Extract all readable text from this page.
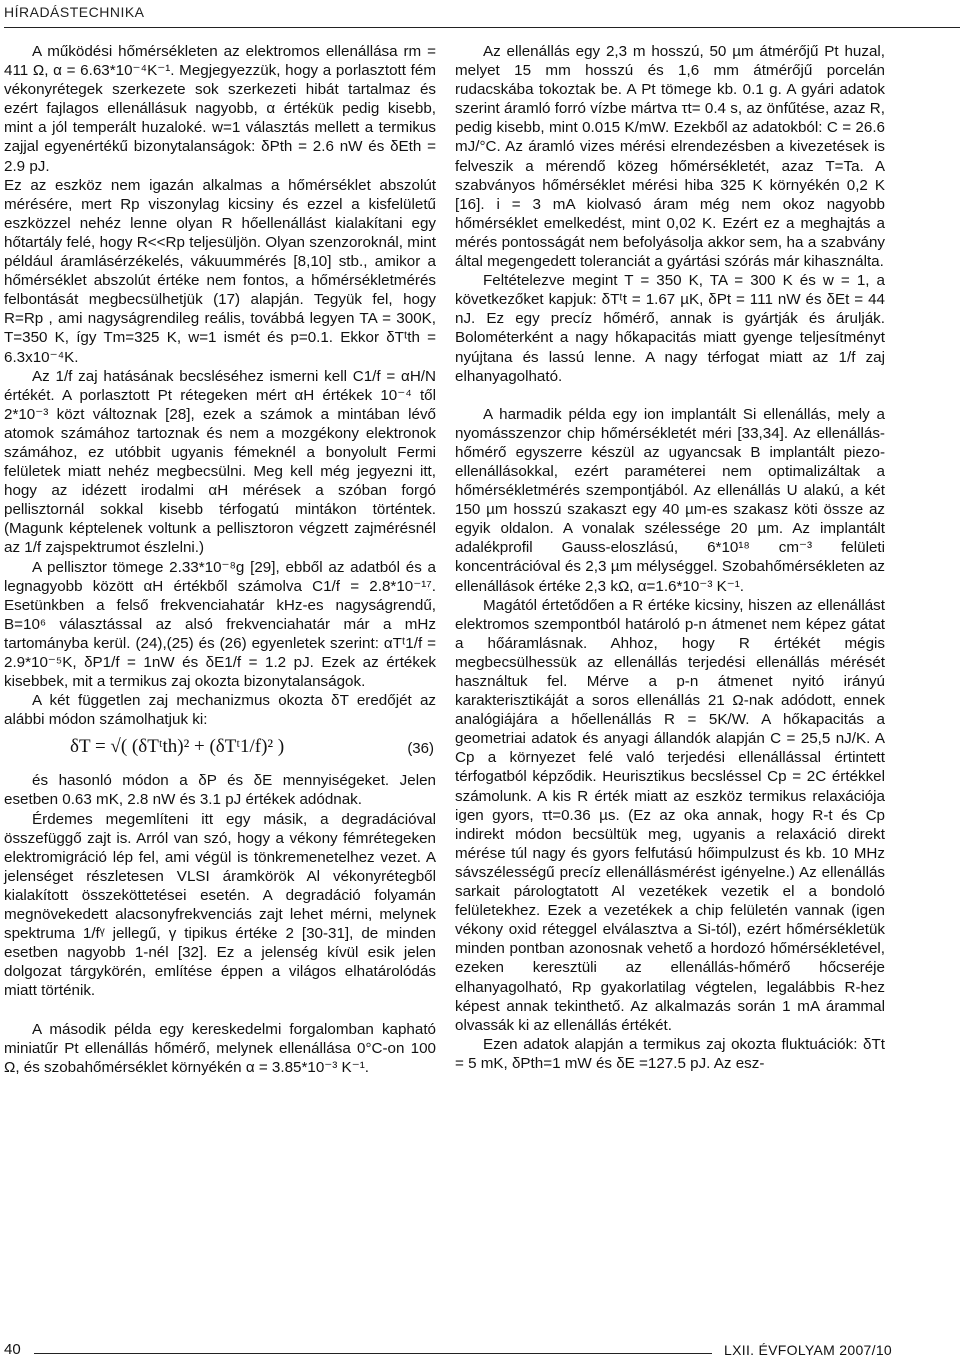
HÍRADÁSTECHNIKA

A működési hőmérsékleten az elektromos ellenállása rm = 411 Ω, α = 6.63*10⁻⁴K⁻¹. Megjegyezzük, hogy a porlasztott fém vékonyrétegek szerkezete sok szerkezeti hibát tartalmaz és ezért fajlagos ellenállásuk nagyobb, α értékük pedig kisebb, mint a jól temperált huzaloké. w=1 választás mellett a termikus zajjal egyenértékű bizonytalanságok: δPth = 2.6 nW és δEth = 2.9 pJ.

Ez az eszköz nem igazán alkalmas a hőmérséklet abszolút mérésére, mert Rp viszonylag kicsiny és ezzel a kisfelületű eszközzel nehéz lenne olyan R hőellenállást kialakítani egy hőtartály felé, hogy R<<Rp teljesüljön. Olyan szenzoroknál, mint például áramlásérzékelés, vákuummérés [8,10] stb., amikor a hőmérséklet abszolút értéke nem fontos, a hőmérsékletmérés felbontását megbecsülhetjük (17) alapján. Tegyük fel, hogy R=Rp , ami nagyságrendileg reális, továbbá legyen TA = 300K, T=350 K, így Tm=325 K, w=1 ismét és p=0.1. Ekkor δTᵗth = 6.3x10⁻⁴K.

Az 1/f zaj hatásának becsléséhez ismerni kell C1/f = αH/N értékét. A porlasztott Pt rétegeken mért αH értékek 10⁻⁴ től 2*10⁻³ közt változnak [28], ezek a számok a mintában lévő atomok számához tartoznak és nem a mozgékony elektronok számához, ez utóbbit ugyanis fémeknél a bonyolult Fermi felületek miatt nehéz megbecsülni. Meg kell még jegyezni itt, hogy az idézett irodalmi αH mérések a szóban forgó pellisztornál sokkal kisebb térfogatú mintákon történtek. (Magunk képtelenek voltunk a pellisztoron végzett zajmérésnél az 1/f zajspektrumot észlelni.)

A pellisztor tömege 2.33*10⁻⁸g [29], ebből az adatból és a legnagyobb között αH értékből számolva C1/f = 2.8*10⁻¹⁷. Esetünkben a felső frekvenciahatár kHz-es nagyságrendű, B=10⁶ választással az alsó frekvenciahatár már a mHz tartományba kerül. (24),(25) és (26) egyenletek szerint: αTᵗ1/f = 2.9*10⁻⁵K, δP1/f = 1nW és δE1/f = 1.2 pJ. Ezek az értékek kisebbek, mit a termikus zaj okozta bizonytalanságok.

A két független zaj mechanizmus okozta δT eredőjét az alábbi módon számolhatjuk ki:

δT = √( (δTᵗth)² + (δTᵗ1/f)² )	(36)

és hasonló módon a δP és δE mennyiségeket. Jelen esetben 0.63 mK, 2.8 nW és 3.1 pJ értékek adódnak.

Érdemes megemlíteni itt egy másik, a degradációval összefüggő zajt is. Arról van szó, hogy a vékony fémrétegeken elektromigráció lép fel, ami végül is tönkremenetelhez vezet. A jelenséget részletesen VLSI áramkörök Al vékonyrétegből kialakított összeköttetései esetén. A degradáció folyamán megnövekedett alacsonyfrekvenciás zajt lehet mérni, melynek spektruma 1/fᵞ jellegű, γ tipikus értéke 2 [30-31], de minden esetben nagyobb 1-nél [32]. Ez a jelenség kívül esik jelen dolgozat tárgykörén, említése éppen a világos elhatárolódás miatt történik.

A második példa egy kereskedelmi forgalomban kapható miniatűr Pt ellenállás hőmérő, melynek ellenállása 0°C-on 100 Ω, és szobahőmérséklet környékén α = 3.85*10⁻³ K⁻¹.

Az ellenállás egy 2,3 m hosszú, 50 µm átmérőjű Pt huzal, melyet 15 mm hosszú és 1,6 mm átmérőjű porcelán rudacskába tokoztak be. A Pt tömege kb. 0.1 g. A gyári adatok szerint áramló forró vízbe mártva τt= 0.4 s, az önfűtése, azaz R, pedig kisebb, mint 0.015 K/mW. Ezekből az adatokból: C = 26.6 mJ/°C. Az áramló vizes mérési elrendezésben a kivezetések is felveszik a mérendő közeg hőmérsékletét, azaz T=Ta. A szabványos hőmérséklet mérési hiba 325 K környékén 0,2 K [16]. i = 3 mA kiolvasó áram még nem okoz nagyobb hőmérséklet emelkedést, mint 0,02 K. Ezért ez a meghajtás a mérés pontosságát nem befolyásolja akkor sem, ha a szabvány által megengedett toleranciát a gyártási szórás már kihasználta.

Feltételezve megint T = 350 K, TA = 300 K és w = 1, a következőket kapjuk: δTᵗt = 1.67 µK, δPt = 111 nW és δEt = 44 nJ. Ez egy precíz hőmérő, annak is gyártják és árulják. Bolométerként a nagy hőkapacitás miatt gyenge teljesítményt nyújtana és lassú lenne. A nagy térfogat miatt az 1/f zaj elhanyagolható.

A harmadik példa egy ion implantált Si ellenállás, mely a nyomásszenzor chip hőmérsékletét méri [33,34]. Az ellenállás-hőmérő egyszerre készül az ugyancsak B implantált piezo-ellenállásokkal, ezért paraméterei nem optimalizáltak a hőmérsékletmérés szempontjából. Az ellenállás U alakú, a két 150 µm hosszú szakaszt egy 40 µm-es szakasz köti össze az egyik oldalon. A vonalak szélessége 20 µm. Az implantált adalékprofil Gauss-eloszlású, 6*10¹⁸ cm⁻³ felületi koncentrációval és 2,3 µm mélységgel. Szobahőmérsékleten az ellenállások értéke 2,3 kΩ, α=1.6*10⁻³ K⁻¹.

Magától értetődően a R értéke kicsiny, hiszen az ellenállást elektromos szempontból határoló p-n átmenet nem képez gátat a hőáramlásnak. Ahhoz, hogy R értékét mégis megbecsülhessük az ellenállás terjedési ellenállás mérését használtuk fel. Mérve a p-n átmenet nyitó irányú karakterisztikáját a soros ellenállás 21 Ω-nak adódott, ennek analógiájára a hőellenállás R = 5K/W. A hőkapacitás a geometriai adatok és anyagi állandók alapján C = 25,5 nJ/K. A Cp a környezet felé való terjedési ellenállással értintett térfogatból képződik. Heurisztikus becsléssel Cp = 2C értékkel számolunk. A kis R érték miatt az eszköz termikus relaxációja igen gyors, τt=0.36 µs. (Ez az oka annak, hogy R-t és Cp indirekt módon becsültük meg, ugyanis a relaxáció direkt mérése túl nagy és gyors felfutású hőimpulzust és kb. 10 MHz sávszélességű precíz ellenállásmérést igényelne.) Az ellenállás sarkait párologtatott Al vezetékek vezetik el a bondoló felületekhez. Ezek a vezetékek a chip felületén vannak (igen vékony oxid réteggel elválasztva a Si-tól), ezért hőmérsékletük minden pontban azonosnak vehető a hordozó hőmérsékletével, ezeken keresztüli az ellenállás-hőmérő hőcseréje elhanyagolható, Rp gyakorlatilag végtelen, legalábbis R-hez képest annak tekinthető. Az alkalmazás során 1 mA árammal olvassák ki az ellenállás értékét.

Ezen adatok alapján a termikus zaj okozta fluktuációk: δTt = 5 mK, δPth=1 mW és δE =127.5 pJ. Az esz-

40	LXII. ÉVFOLYAM 2007/10
